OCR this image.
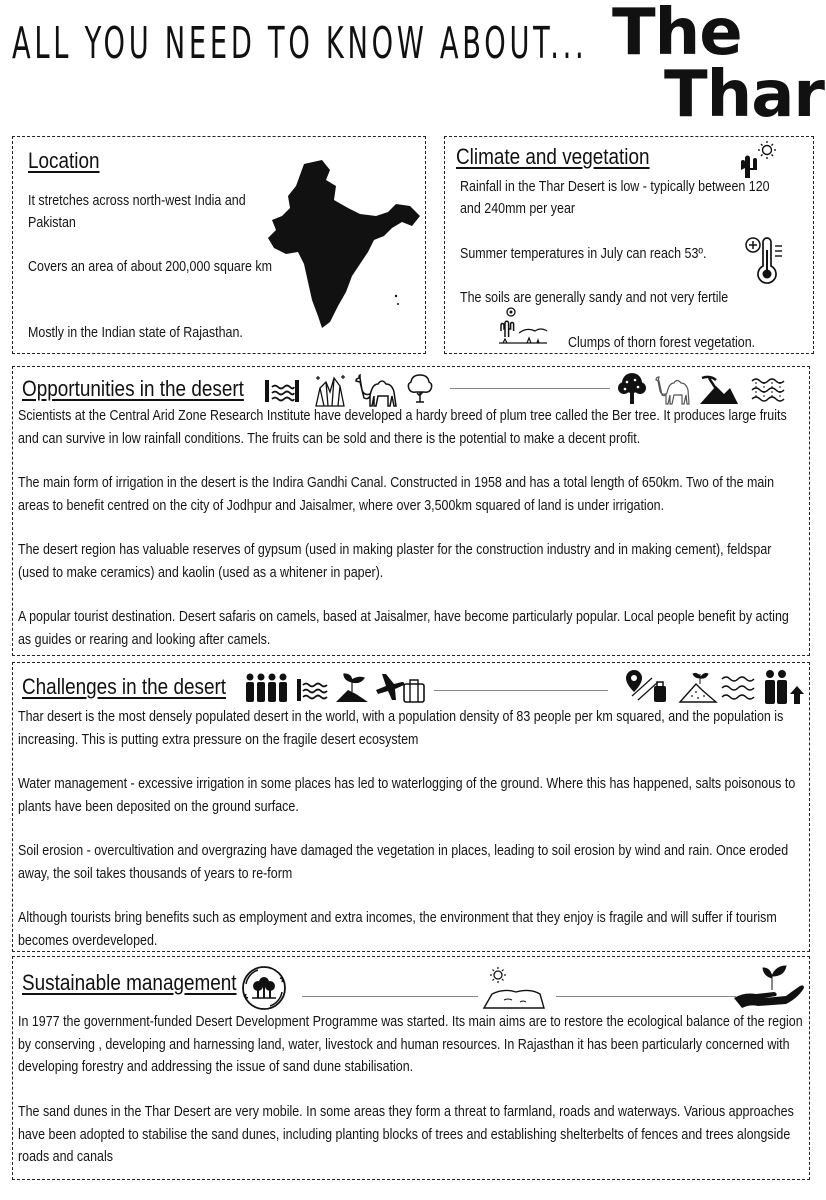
ALL YOU NEED TO KNOW ABOUT... The
Thar
Location
It stretches across north-west India and Pakistan
Covers an area of about 200,000 square km
Mostly in the Indian state of Rajasthan.
Climate and vegetation
Rainfall in the Thar Desert is low - typically between 120 and 240mm per year
Summer temperatures in July can reach 53º.
The soils are generally sandy and not very fertile
Clumps of thorn forest vegetation.
Opportunities in the desert
Scientists at the Central Arid Zone Research Institute have developed a hardy breed of plum tree called the Ber tree. It produces large fruits and can survive in low rainfall conditions. The fruits can be sold and there is the potential to make a decent profit.
The main form of irrigation in the desert is the Indira Gandhi Canal. Constructed in 1958 and has a total length of 650km. Two of the main areas to benefit centred on the city of Jodhpur and Jaisalmer, where over 3,500km squared of land is under irrigation.
The desert region has valuable reserves of gypsum (used in making plaster for the construction industry and in making cement), feldspar (used to make ceramics) and kaolin (used as a whitener in paper).
A popular tourist destination. Desert safaris on camels, based at Jaisalmer, have become particularly popular. Local people benefit by acting as guides or rearing and looking after camels.
Challenges in the desert
Thar desert is the most densely populated desert in the world, with a population density of 83 people per km squared, and the population is increasing. This is putting extra pressure on the fragile desert ecosystem
Water management - excessive irrigation in some places has led to waterlogging of the ground. Where this has happened, salts poisonous to plants have been deposited on the ground surface.
Soil erosion - overcultivation and overgrazing have damaged the vegetation in places, leading to soil erosion by wind and rain. Once eroded away, the soil takes thousands of years to re-form
Although tourists bring benefits such as employment and extra incomes, the environment that they enjoy is fragile and will suffer if tourism becomes overdeveloped.
Sustainable management
In 1977 the government-funded Desert Development Programme was started. Its main aims are to restore the ecological balance of the region by conserving , developing and harnessing land, water, livestock and human resources. In Rajasthan it has been particularly concerned with developing forestry and addressing the issue of sand dune stabilisation.
The sand dunes in the Thar Desert are very mobile. In some areas they form a threat to farmland, roads and waterways. Various approaches have been adopted to stabilise the sand dunes, including planting blocks of trees and establishing shelterbelts of fences and trees alongside roads and canals
